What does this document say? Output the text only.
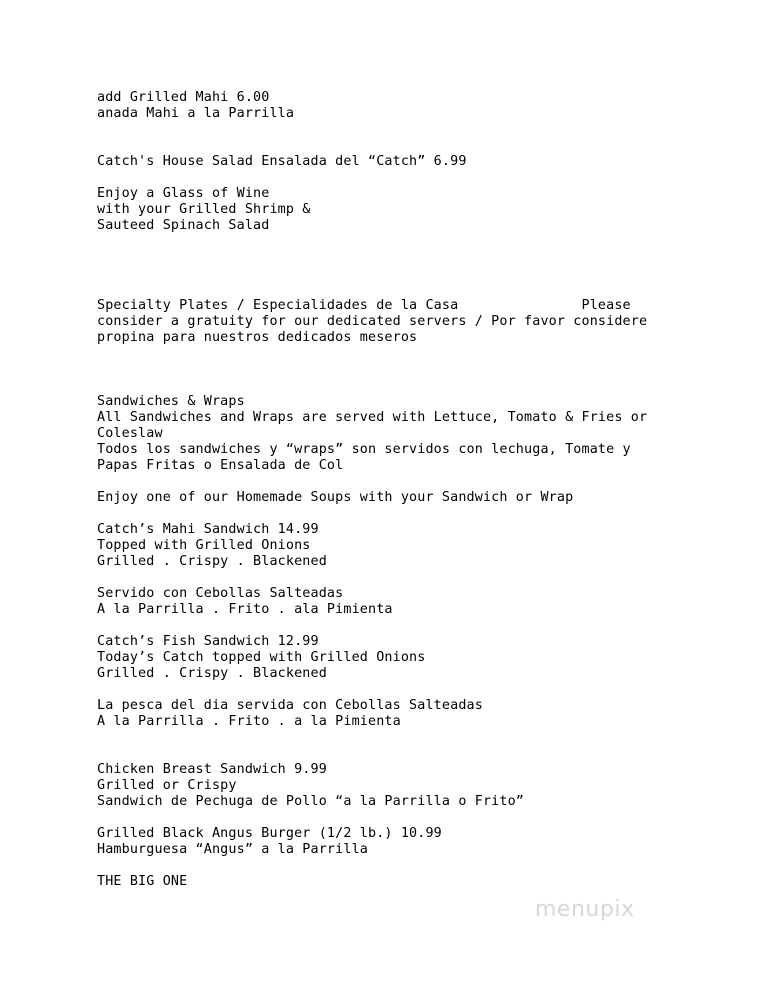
add Grilled Mahi 6.00
anada Mahi a la Parrilla
Catch's House Salad Ensalada del “Catch” 6.99
Enjoy a Glass of Wine
with your Grilled Shrimp &
Sauteed Spinach Salad
Specialty Plates / Especialidades de la Casa               Please
consider a gratuity for our dedicated servers / Por favor considere
propina para nuestros dedicados meseros
Sandwiches & Wraps
All Sandwiches and Wraps are served with Lettuce, Tomato & Fries or
Coleslaw
Todos los sandwiches y “wraps” son servidos con lechuga, Tomate y
Papas Fritas o Ensalada de Col
Enjoy one of our Homemade Soups with your Sandwich or Wrap
Catch’s Mahi Sandwich 14.99
Topped with Grilled Onions
Grilled . Crispy . Blackened
Servido con Cebollas Salteadas
A la Parrilla . Frito . ala Pimienta
Catch’s Fish Sandwich 12.99
Today’s Catch topped with Grilled Onions
Grilled . Crispy . Blackened
La pesca del dia servida con Cebollas Salteadas
A la Parrilla . Frito . a la Pimienta
Chicken Breast Sandwich 9.99
Grilled or Crispy
Sandwich de Pechuga de Pollo “a la Parrilla o Frito”
Grilled Black Angus Burger (1/2 lb.) 10.99
Hamburguesa “Angus” a la Parrilla
THE BIG ONE
menupix
